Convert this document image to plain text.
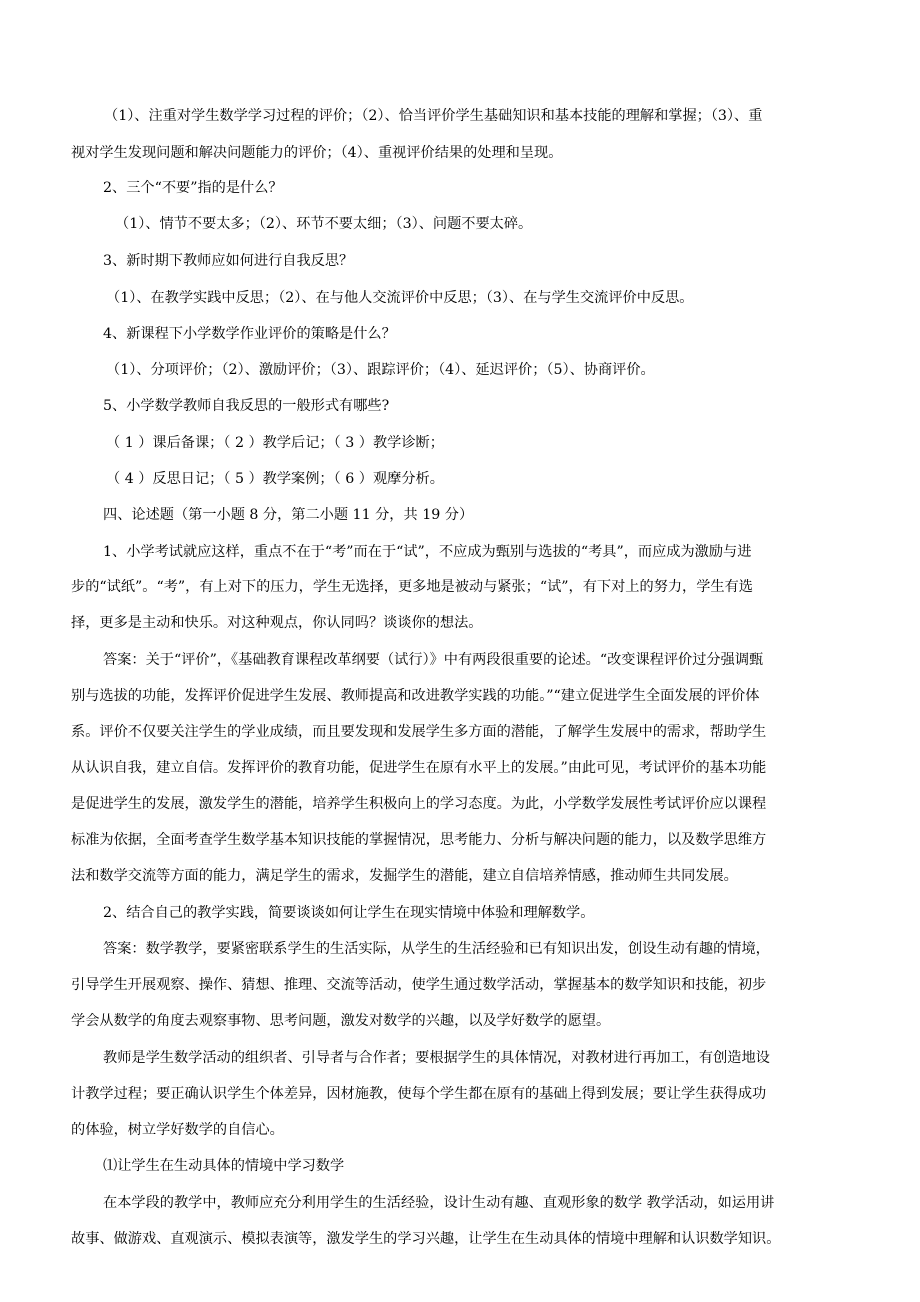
（1）、注重对学生数学学习过程的评价；（2）、恰当评价学生基础知识和基本技能的理解和掌握；（3）、重
视对学生发现问题和解决问题能力的评价；（4）、重视评价结果的处理和呈现。
2、三个“不要”指的是什么？
（1）、情节不要太多；（2）、环节不要太细；（3）、问题不要太碎。
3、新时期下教师应如何进行自我反思？
（1）、在教学实践中反思；（2）、在与他人交流评价中反思；（3）、在与学生交流评价中反思。
4、新课程下小学数学作业评价的策略是什么？
（1）、分项评价；（2）、激励评价；（3）、跟踪评价；（4）、延迟评价；（5）、协商评价。
5、小学数学教师自我反思的一般形式有哪些?
（ 1 ）课后备课；（ 2 ）教学后记；（ 3 ）教学诊断；
（ 4 ）反思日记；（ 5 ）教学案例；（ 6 ）观摩分析。
四、论述题（第一小题 8 分，第二小题 11 分，共 19 分）
1、小学考试就应这样，重点不在于“考”而在于“试”，不应成为甄别与选拔的“考具”，而应成为激励与进
步的“试纸”。“考”，有上对下的压力，学生无选择，更多地是被动与紧张；“试”，有下对上的努力，学生有选
择，更多是主动和快乐。对这种观点，你认同吗？谈谈你的想法。
答案：关于“评价”，《基础教育课程改革纲要（试行）》中有两段很重要的论述。“改变课程评价过分强调甄
别与选拔的功能，发挥评价促进学生发展、教师提高和改进教学实践的功能。”“建立促进学生全面发展的评价体
系。评价不仅要关注学生的学业成绩，而且要发现和发展学生多方面的潜能，了解学生发展中的需求，帮助学生
从认识自我，建立自信。发挥评价的教育功能，促进学生在原有水平上的发展。”由此可见，考试评价的基本功能
是促进学生的发展，激发学生的潜能，培养学生积极向上的学习态度。为此，小学数学发展性考试评价应以课程
标准为依据，全面考查学生数学基本知识技能的掌握情况，思考能力、分析与解决问题的能力，以及数学思维方
法和数学交流等方面的能力，满足学生的需求，发掘学生的潜能，建立自信培养情感，推动师生共同发展。
2、结合自己的教学实践，简要谈谈如何让学生在现实情境中体验和理解数学。
答案：数学教学，要紧密联系学生的生活实际，从学生的生活经验和已有知识出发，创设生动有趣的情境，
引导学生开展观察、操作、猜想、推理、交流等活动，使学生通过数学活动，掌握基本的数学知识和技能，初步
学会从数学的角度去观察事物、思考问题，激发对数学的兴趣，以及学好数学的愿望。
教师是学生数学活动的组织者、引导者与合作者；要根据学生的具体情况，对教材进行再加工，有创造地设
计教学过程；要正确认识学生个体差异，因材施教，使每个学生都在原有的基础上得到发展；要让学生获得成功
的体验，树立学好数学的自信心。
⑴让学生在生动具体的情境中学习数学
在本学段的教学中，教师应充分利用学生的生活经验，设计生动有趣、直观形象的数学 教学活动，如运用讲
故事、做游戏、直观演示、模拟表演等，激发学生的学习兴趣，让学生在生动具体的情境中理解和认识数学知识。
